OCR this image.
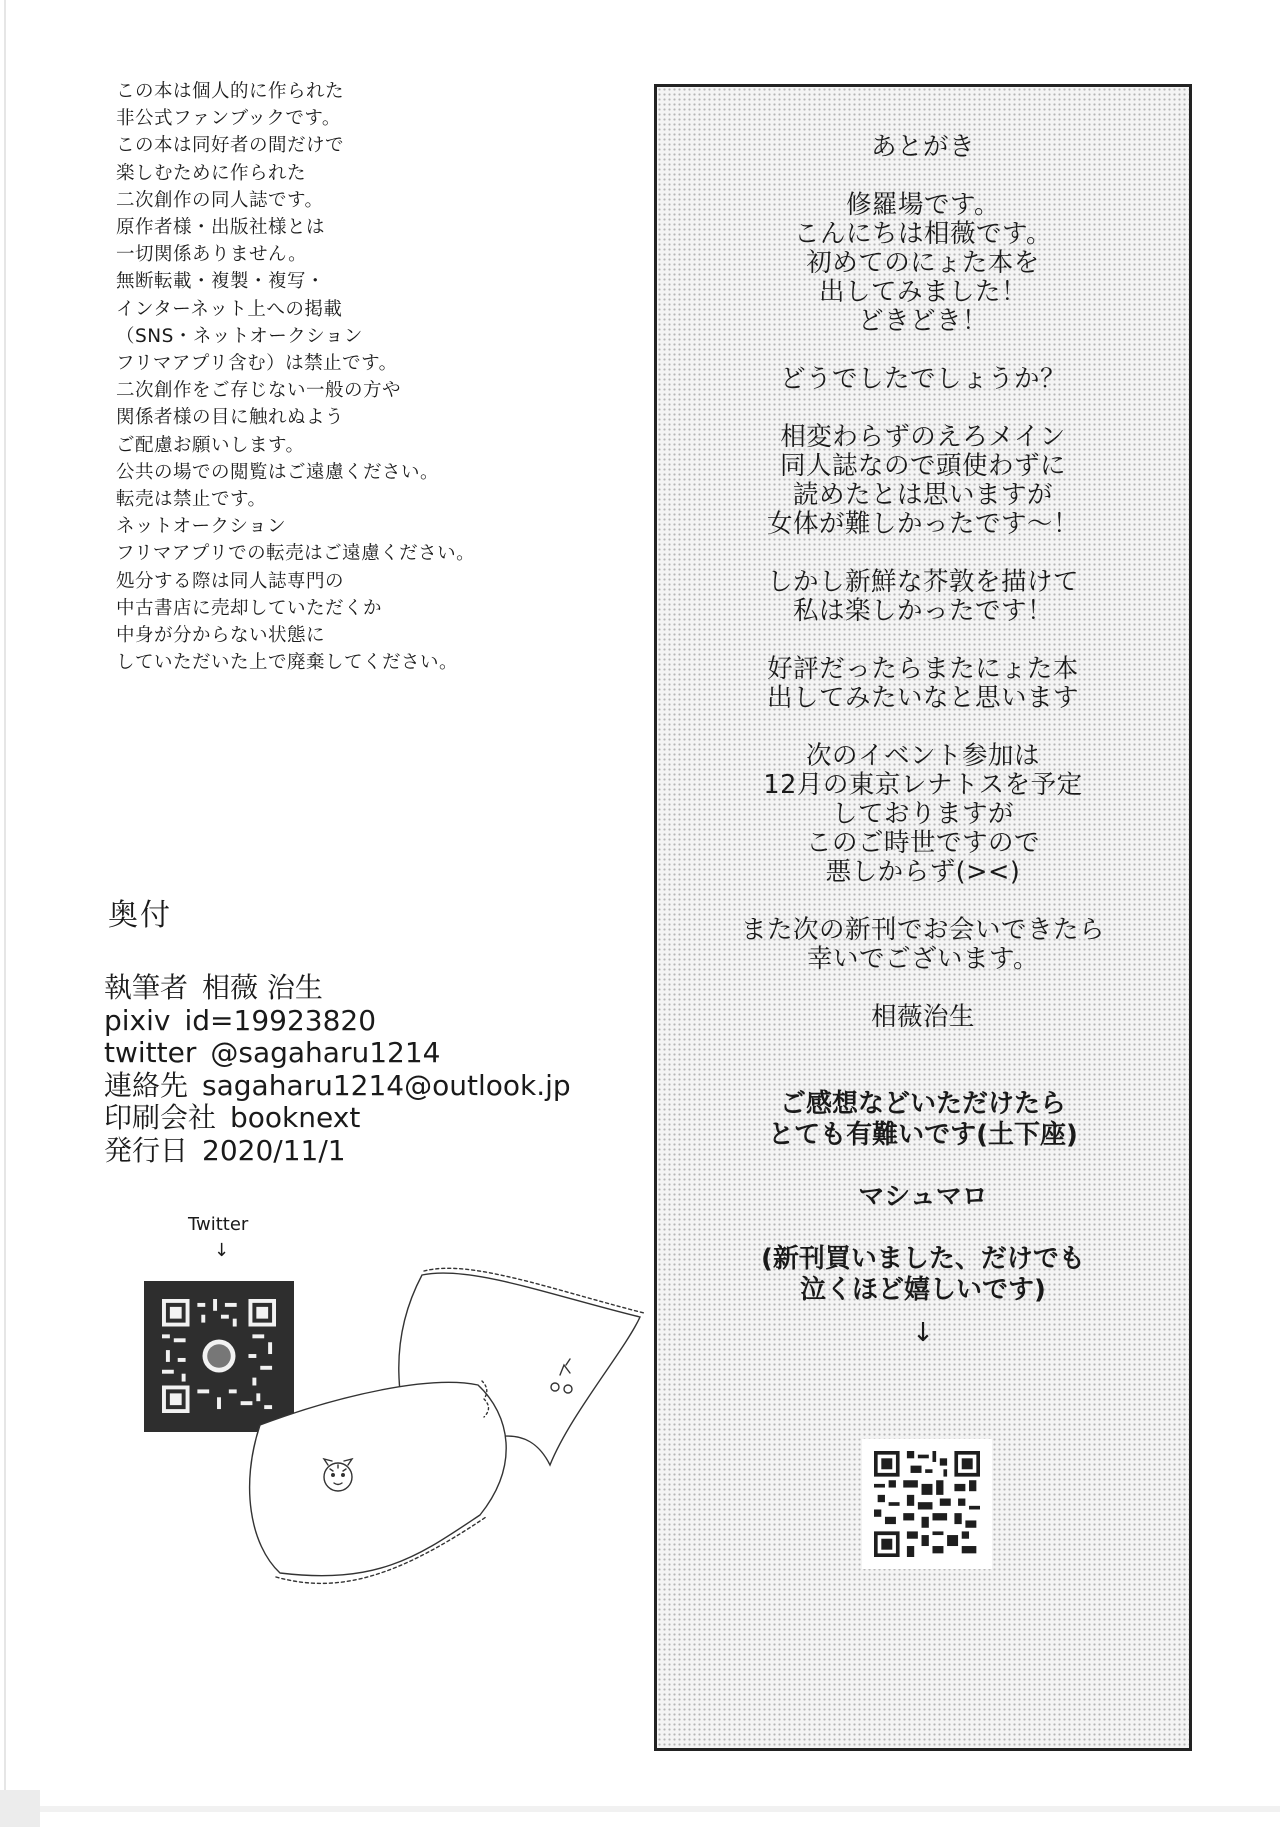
この本は個人的に作られた
非公式ファンブックです。
この本は同好者の間だけで
楽しむために作られた
二次創作の同人誌です。
原作者様・出版社様とは
一切関係ありません。
無断転載・複製・複写・
インターネット上への掲載
（SNS・ネットオークション
フリマアプリ含む）は禁止です。
二次創作をご存じない一般の方や
関係者様の目に触れぬよう
ご配慮お願いします。
公共の場での閲覧はご遠慮ください。
転売は禁止です。
ネットオークション
フリマアプリでの転売はご遠慮ください。
処分する際は同人誌専門の
中古書店に売却していただくか
中身が分からない状態に
していただいた上で廃棄してください。
奥付
執筆者 相薇 治生
pixiv id=19923820
twitter @sagaharu1214
連絡先 sagaharu1214@outlook.jp
印刷会社 booknext
発行日 2020/11/1
Twitter
↓
あとがき
修羅場です。
こんにちは相薇です。
初めてのにょた本を
出してみました！
どきどき！
どうでしたでしょうか？
相変わらずのえろメイン
同人誌なので頭使わずに
読めたとは思いますが
女体が難しかったです～！
しかし新鮮な芥敦を描けて
私は楽しかったです！
好評だったらまたにょた本
出してみたいなと思います
次のイベント参加は
12月の東京レナトスを予定
しておりますが
このご時世ですので
悪しからず(><)
また次の新刊でお会いできたら
幸いでございます。
相薇治生
ご感想などいただけたら
とても有難いです(土下座)
マシュマロ
(新刊買いました、だけでも
泣くほど嬉しいです)
↓
